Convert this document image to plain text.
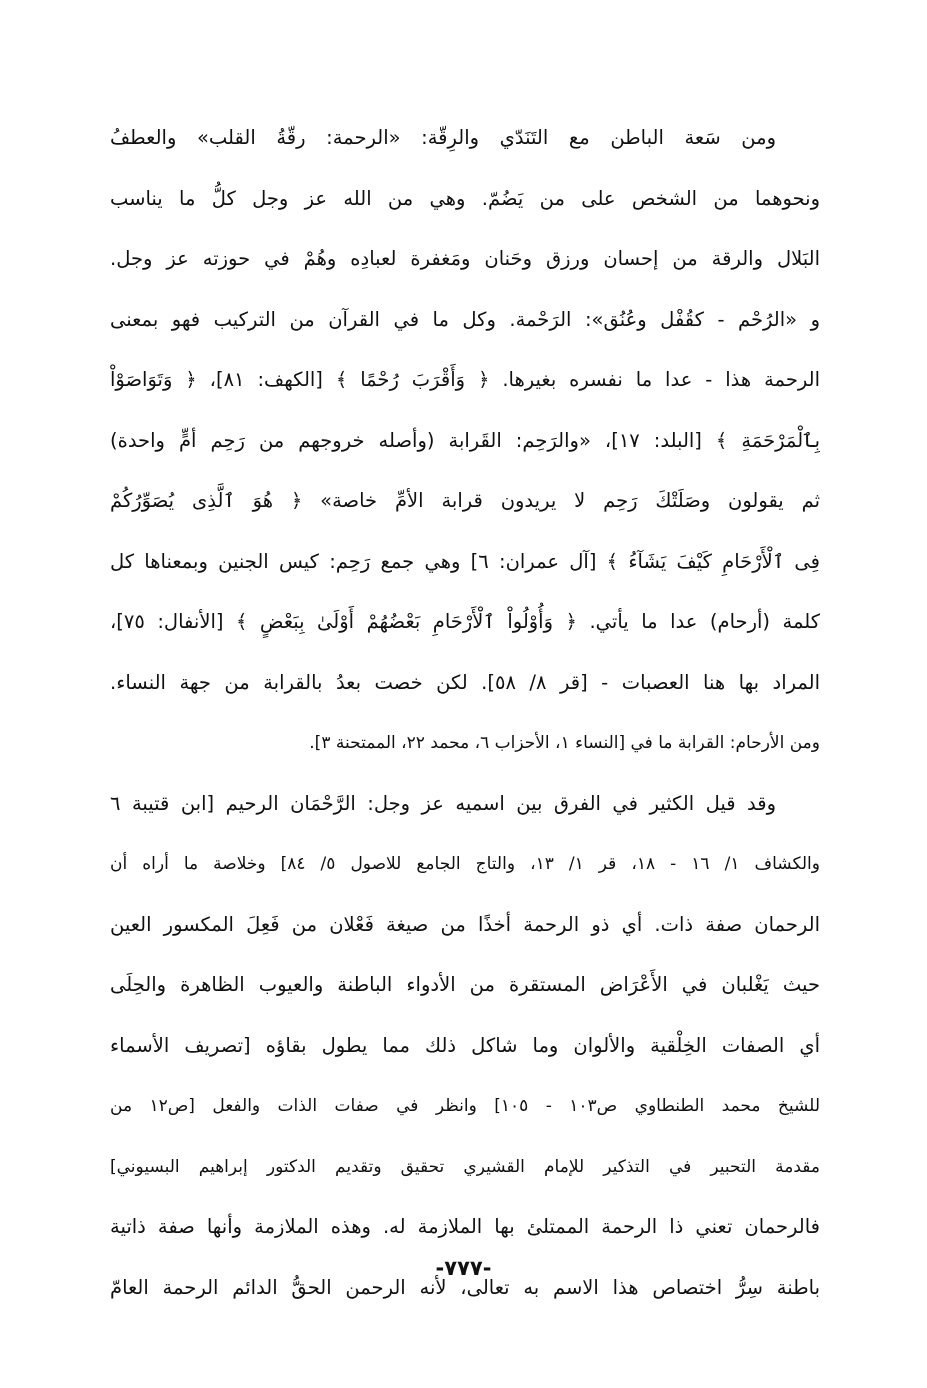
ومن سَعة الباطن مع التَنَدّي والرِقّة: «الرحمة: رقّةُ القلب» والعطفُ
ونحوهما من الشخص على من يَضُمّ. وهي من الله عز وجل كلُّ ما يناسب
البَلال والرقة من إحسان ورزق وحَنان ومَغفرة لعبادِه وهُمْ في حوزته عز وجل.
و «الرُحْم - كقُفْل وعُنُق»: الرَحْمة. وكل ما في القرآن من التركيب فهو بمعنى
الرحمة هذا - عدا ما نفسره بغيرها. ﴿ وَأَقْرَبَ رُحْمًا ﴾ [الكهف: ٨١]، ﴿ وَتَوَاصَوْاْ
بِٱلْمَرْحَمَةِ ﴾ [البلد: ١٧]، «والرَحِم: القَرابة (وأصله خروجهم من رَحِم أمٍّ واحدة)
ثم يقولون وصَلَتْكَ رَحِم لا يريدون قرابة الأمِّ خاصة» ﴿ هُوَ ٱلَّذِى يُصَوِّرُكُمْ
فِى ٱلْأَرْحَامِ كَيْفَ يَشَآءُ ﴾ [آل عمران: ٦] وهي جمع رَحِم: كيس الجنين وبمعناها كل
كلمة (أرحام) عدا ما يأتي. ﴿ وَأُوْلُواْ ٱلْأَرْحَامِ بَعْضُهُمْ أَوْلَىٰ بِبَعْضٍ ﴾ [الأنفال: ٧٥]،
المراد بها هنا العصبات - [قر ٨/ ٥٨]. لكن خصت بعدُ بالقرابة من جهة النساء.
ومن الأرحام: القرابة ما في [النساء ١، الأحزاب ٦، محمد ٢٢، الممتحنة ٣].
وقد قيل الكثير في الفرق بين اسميه عز وجل: الرَّحْمَان الرحيم [ابن قتيبة ٦
والكشاف ١/ ١٦ - ١٨، قر ١/ ١٣، والتاج الجامع للاصول ٥/ ٨٤] وخلاصة ما أراه أن
الرحمان صفة ذات. أي ذو الرحمة أخذًا من صيغة فَعْلان من فَعِلَ المكسور العين
حيث يَغْلبان في الأَعْرَاض المستقرة من الأدواء الباطنة والعيوب الظاهرة والحِلَى
أي الصفات الخِلْقية والألوان وما شاكل ذلك مما يطول بقاؤه [تصريف الأسماء
للشيخ محمد الطنطاوي ص١٠٣ - ١٠٥] وانظر في صفات الذات والفعل [ص١٢ من
مقدمة التحبير في التذكير للإمام القشيري تحقيق وتقديم الدكتور إبراهيم البسيوني]
فالرحمان تعني ذا الرحمة الممتلئ بها الملازمة له. وهذه الملازمة وأنها صفة ذاتية
باطنة سِرُّ اختصاص هذا الاسم به تعالى، لأنه الرحمن الحقُّ الدائم الرحمة العامّ
-٧٧٧-
